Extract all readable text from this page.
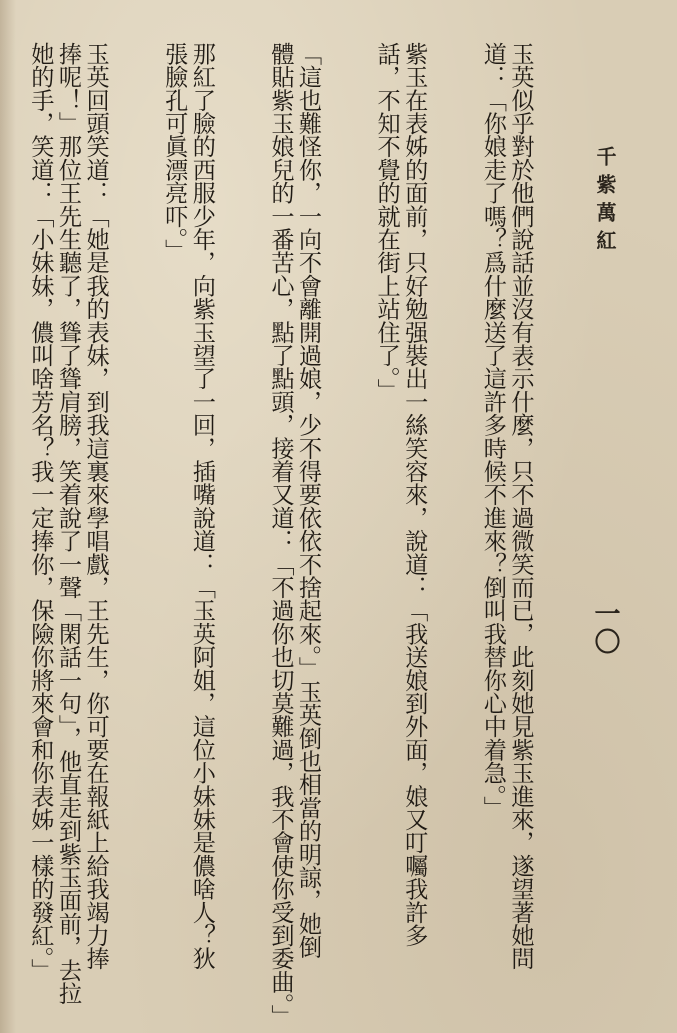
千紫萬紅
一〇
玉英似乎對於他們說話並沒有表示什麼，只不過微笑而已，此刻她見紫玉進來，遂望著她問
道：「你娘走了嗎？爲什麼送了這許多時候不進來？倒叫我替你心中着急。」
紫玉在表姊的面前，只好勉强裝出一絲笑容來，說道：「我送娘到外面，娘又叮囑我許多
話，不知不覺的就在街上站住了。」
「這也難怪你，一向不會離開過娘，少不得要依依不捨起來。」玉英倒也相當的明諒，她倒
體貼紫玉娘兒的一番苦心，點了點頭，接着又道：「不過你也切莫難過，我不會使你受到委曲。」
那紅了臉的西服少年，向紫玉望了一回，插嘴說道：「玉英阿姐，這位小妹妹是儂啥人？狄
張臉孔可眞漂亮吓。」
玉英回頭笑道：「她是我的表妹，到我這裏來學唱戲，王先生，你可要在報紙上給我竭力捧
捧呢！」那位王先生聽了，聳了聳肩膀，笑着說了一聲「閑話一句」，他直走到紫玉面前，去拉
她的手，笑道：「小妹妹，儂叫啥芳名？我一定捧你，保險你將來會和你表姊一樣的發紅。」
